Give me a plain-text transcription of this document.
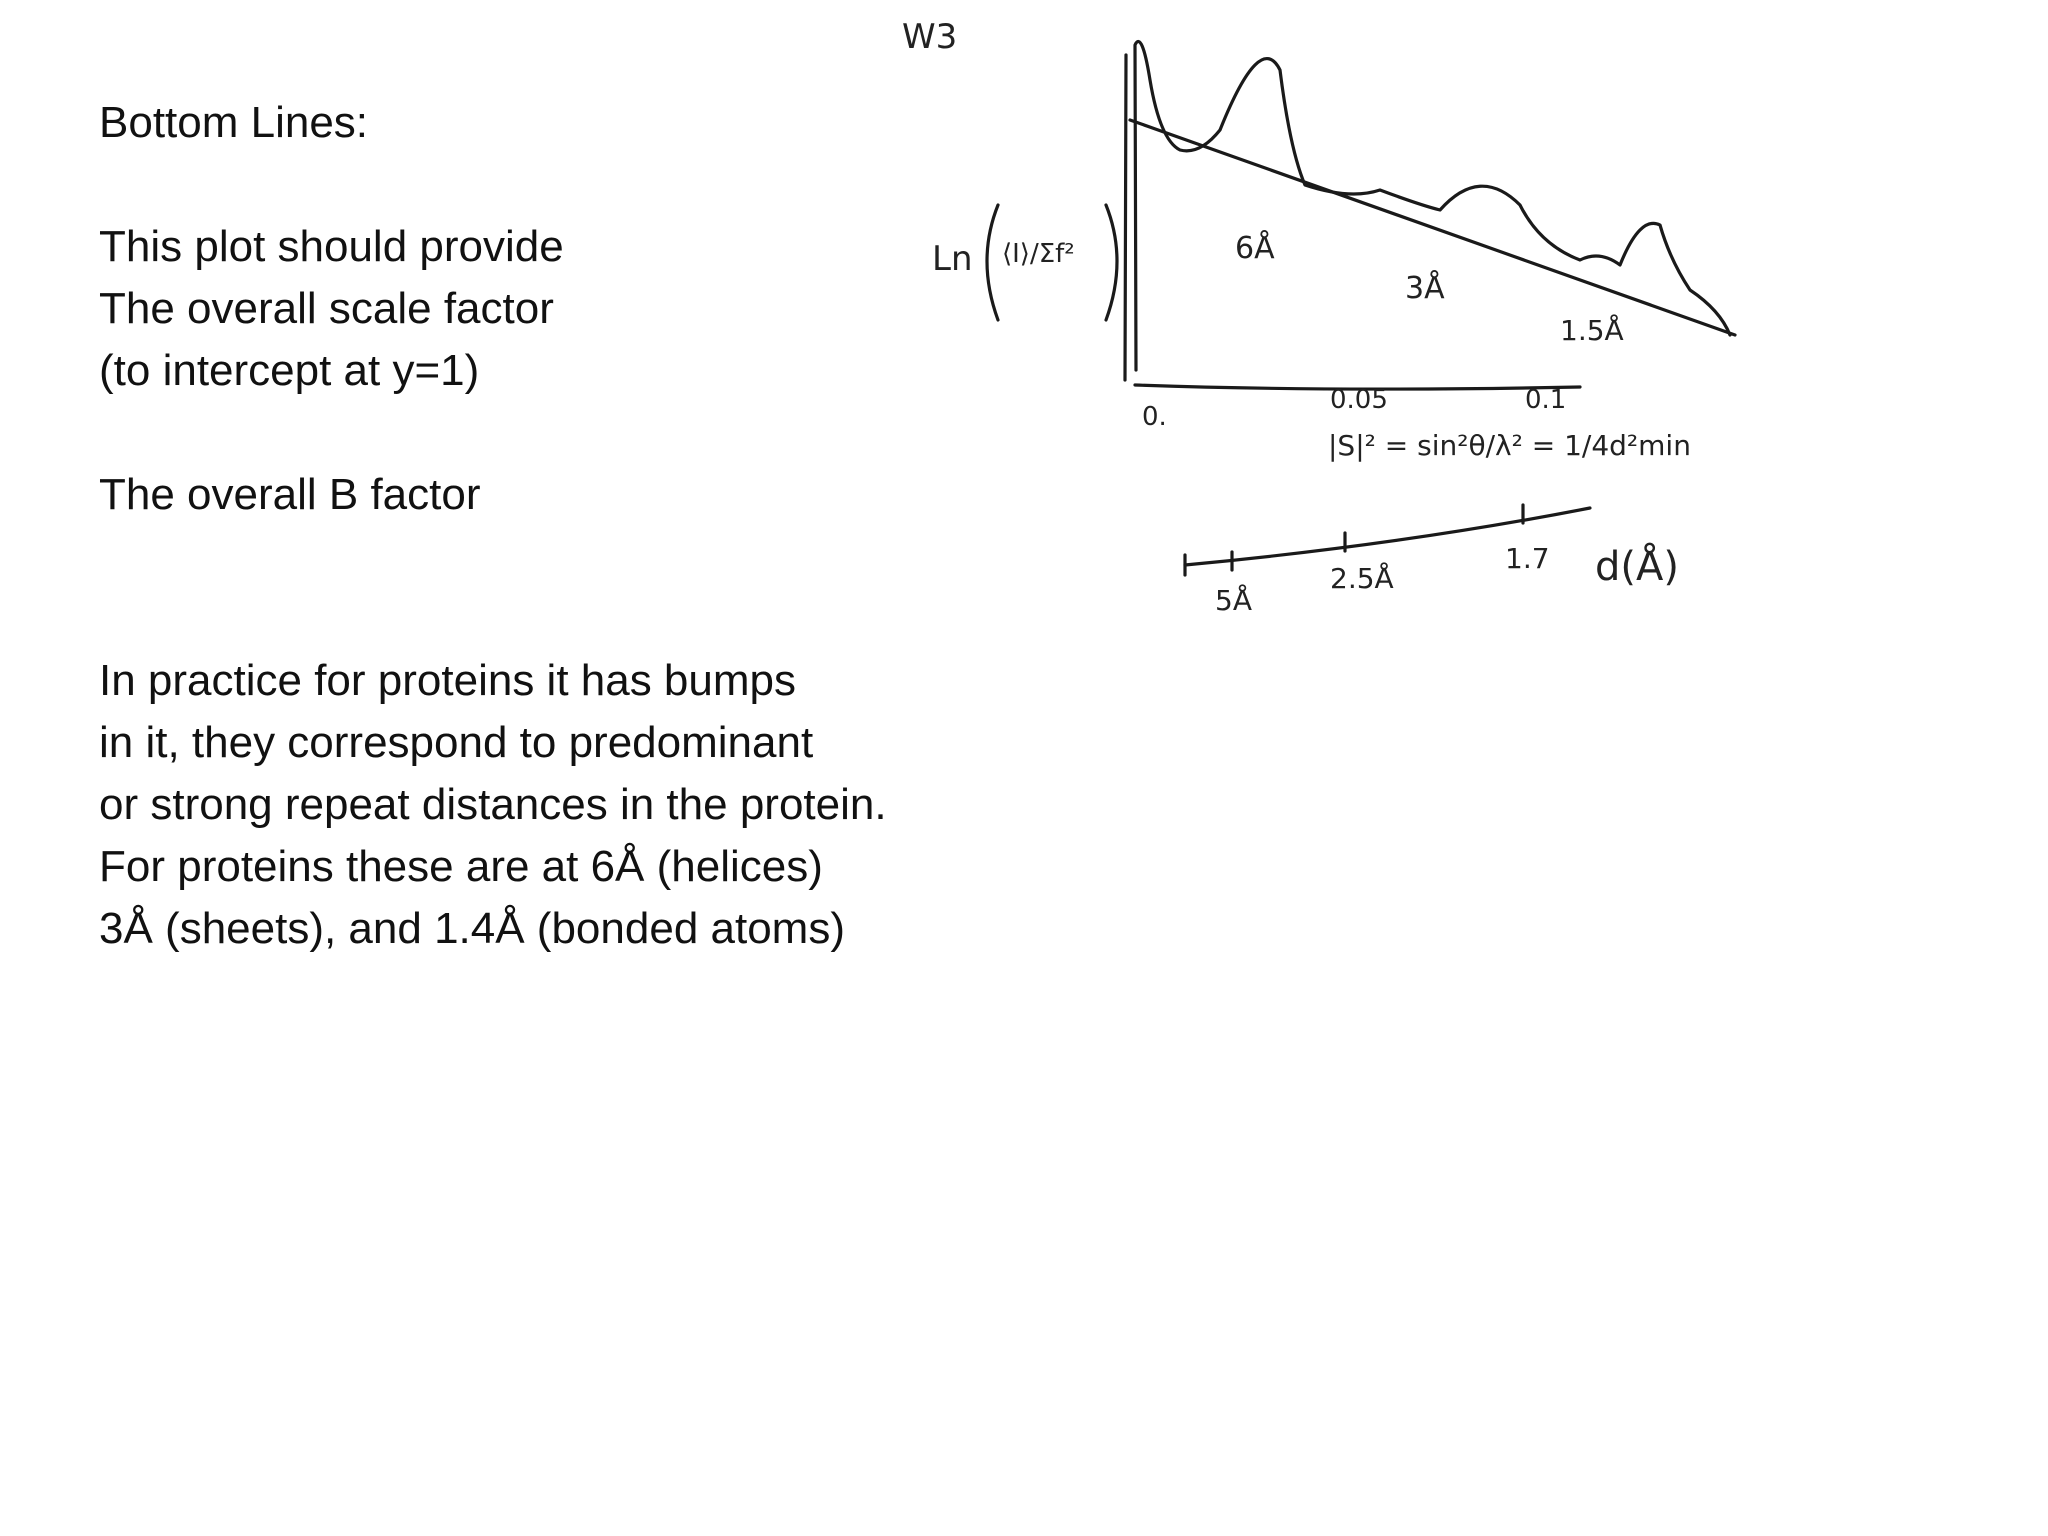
Bottom Lines:
This plot should provide
The overall scale factor
(to intercept at y=1)
The overall B factor
In practice for proteins it has bumps
in it, they correspond to predominant
or strong repeat distances in the protein.
For proteins these are at 6Å (helices)
3Å (sheets), and 1.4Å (bonded atoms)
W3
Ln ⟨I⟩/Σf²	6Å
3Å
1.5Å
0.
0.05	0.1
|S|² = sin²θ/λ² = 1/4d²min
5Å
2.5Å
1.7 d(Å)
